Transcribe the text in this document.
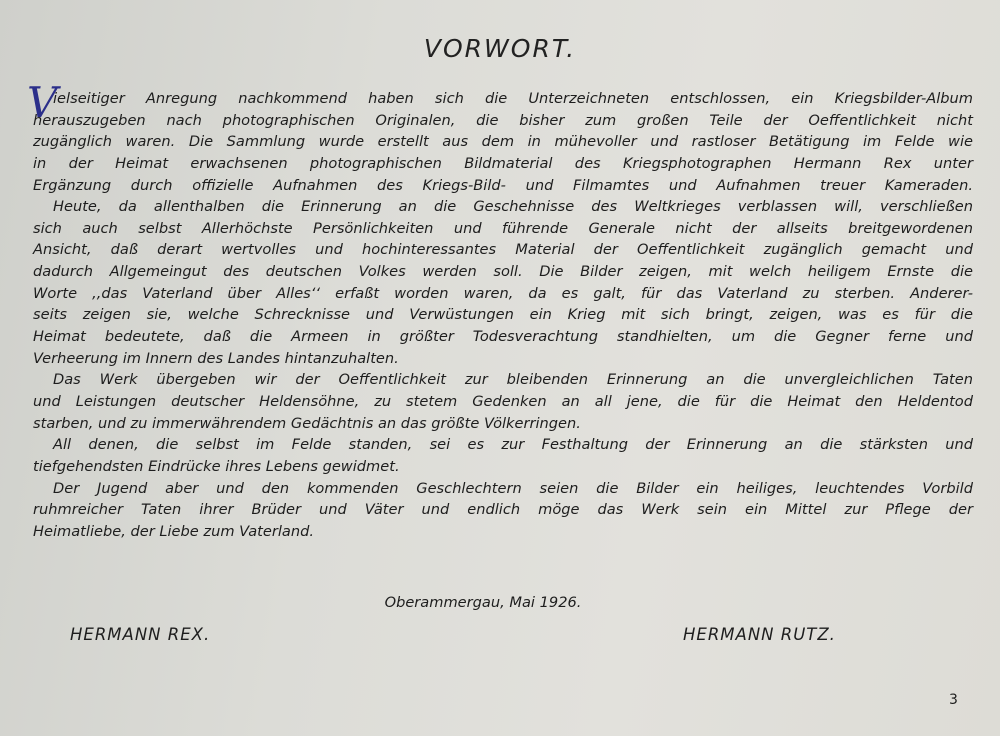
VORWORT.
V
ielseitiger Anregung nachkommend haben sich die Unterzeichneten entschlossen, ein Kriegsbilder-Album
herauszugeben nach photographischen Originalen, die bisher zum großen Teile der Oeffentlichkeit nicht
zugänglich waren. Die Sammlung wurde erstellt aus dem in mühevoller und rastloser Betätigung im Felde wie
in der Heimat erwachsenen photographischen Bildmaterial des Kriegsphotographen Hermann Rex unter
Ergänzung durch offizielle Aufnahmen des Kriegs-Bild- und Filmamtes und Aufnahmen treuer Kameraden.
Heute, da allenthalben die Erinnerung an die Geschehnisse des Weltkrieges verblassen will, verschließen
sich auch selbst Allerhöchste Persönlichkeiten und führende Generale nicht der allseits breitgewordenen
Ansicht, daß derart wertvolles und hochinteressantes Material der Oeffentlichkeit zugänglich gemacht und
dadurch Allgemeingut des deutschen Volkes werden soll. Die Bilder zeigen, mit welch heiligem Ernste die
Worte ,,das Vaterland über Alles‘‘ erfaßt worden waren, da es galt, für das Vaterland zu sterben. Anderer-
seits zeigen sie, welche Schrecknisse und Verwüstungen ein Krieg mit sich bringt, zeigen, was es für die
Heimat bedeutete, daß die Armeen in größter Todesverachtung standhielten, um die Gegner ferne und
Verheerung im Innern des Landes hintanzuhalten.
Das Werk übergeben wir der Oeffentlichkeit zur bleibenden Erinnerung an die unvergleichlichen Taten
und Leistungen deutscher Heldensöhne, zu stetem Gedenken an all jene, die für die Heimat den Heldentod
starben, und zu immerwährendem Gedächtnis an das größte Völkerringen.
All denen, die selbst im Felde standen, sei es zur Festhaltung der Erinnerung an die stärksten und
tiefgehendsten Eindrücke ihres Lebens gewidmet.
Der Jugend aber und den kommenden Geschlechtern seien die Bilder ein heiliges, leuchtendes Vorbild
ruhmreicher Taten ihrer Brüder und Väter und endlich möge das Werk sein ein Mittel zur Pflege der
Heimatliebe, der Liebe zum Vaterland.
Oberammergau, Mai 1926.
HERMANN REX.	HERMANN RUTZ.
3
